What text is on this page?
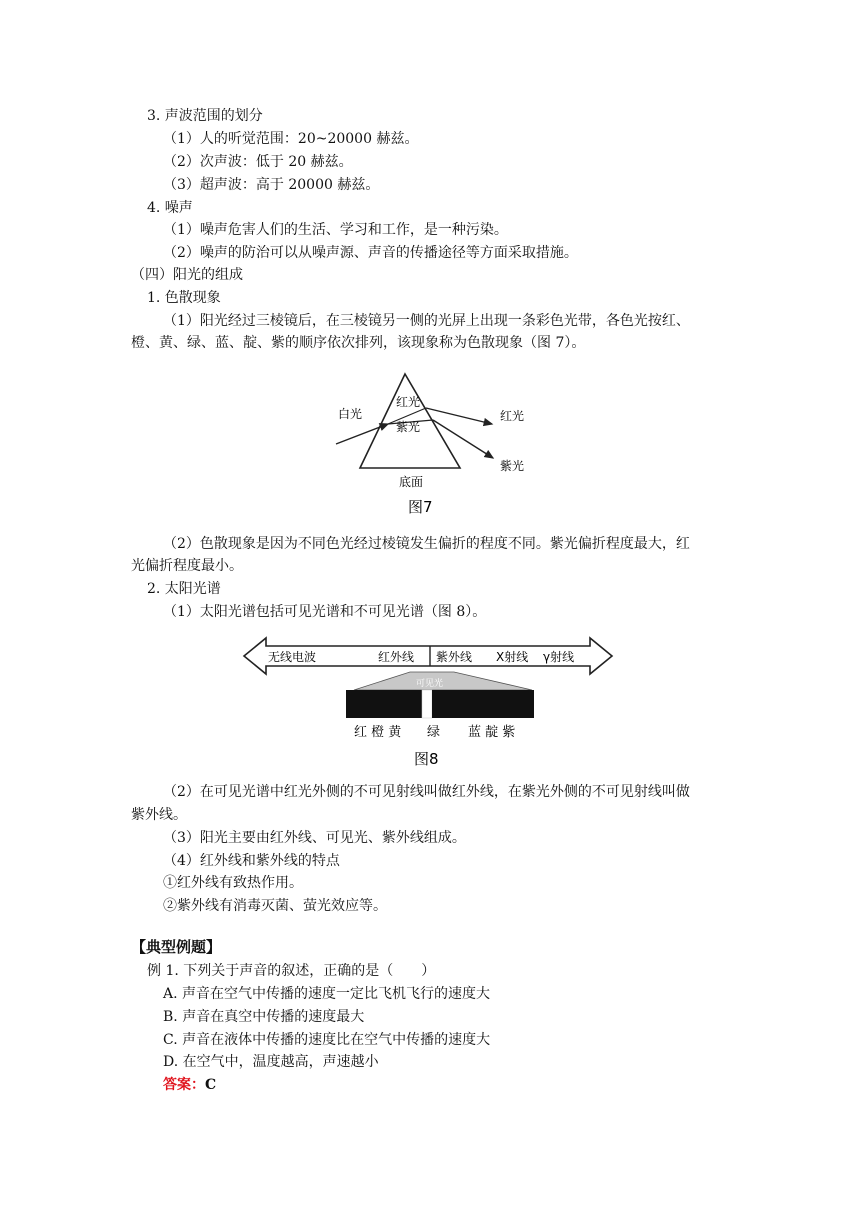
3. 声波范围的划分
（1）人的听觉范围：20~20000 赫兹。
（2）次声波：低于 20 赫兹。
（3）超声波：高于 20000 赫兹。
4. 噪声
（1）噪声危害人们的生活、学习和工作，是一种污染。
（2）噪声的防治可以从噪声源、声音的传播途径等方面采取措施。
（四）阳光的组成
1. 色散现象
（1）阳光经过三棱镜后，在三棱镜另一侧的光屏上出现一条彩色光带，各色光按红、
橙、黄、绿、蓝、靛、紫的顺序依次排列，该现象称为色散现象（图 7）。
白光
红光
紫光
红光
紫光
底面
图7
（2）色散现象是因为不同色光经过棱镜发生偏折的程度不同。紫光偏折程度最大，红
光偏折程度最小。
2. 太阳光谱
（1）太阳光谱包括可见光谱和不可见光谱（图 8）。
无线电波	红外线 紫外线 X射线 γ射线
可见光
红 橙 黄 绿 蓝 靛 紫
图8
（2）在可见光谱中红光外侧的不可见射线叫做红外线，在紫光外侧的不可见射线叫做
紫外线。
（3）阳光主要由红外线、可见光、紫外线组成。
（4）红外线和紫外线的特点
①红外线有致热作用。
②紫外线有消毒灭菌、萤光效应等。
【典型例题】
例 1. 下列关于声音的叙述，正确的是（　　）
A. 声音在空气中传播的速度一定比飞机飞行的速度大
B. 声音在真空中传播的速度最大
C. 声音在液体中传播的速度比在空气中传播的速度大
D. 在空气中，温度越高，声速越小
答案：C
